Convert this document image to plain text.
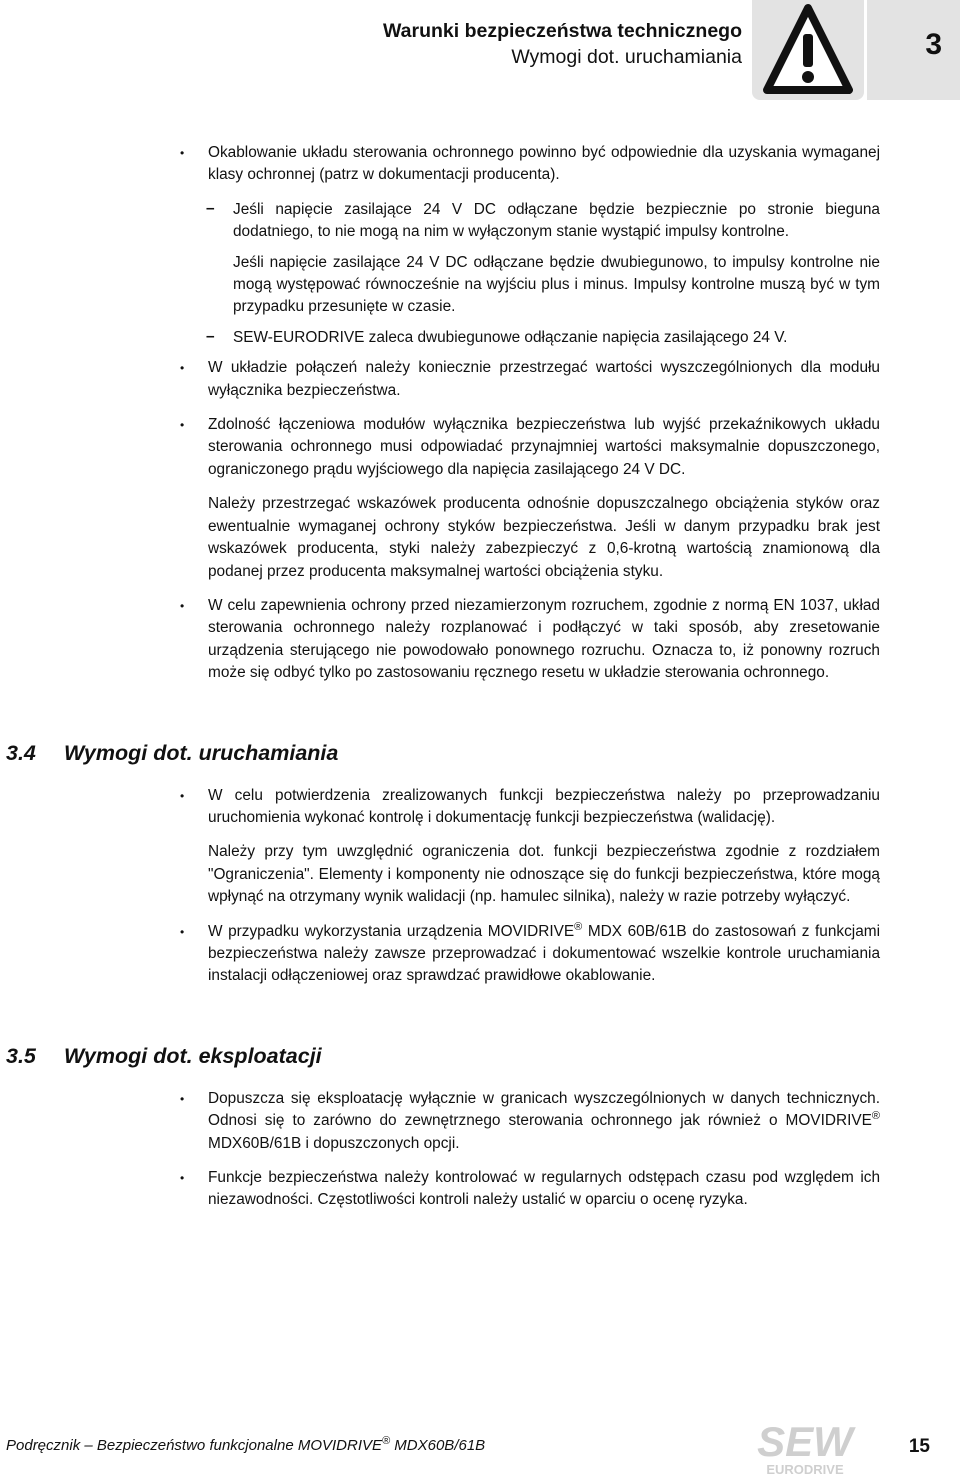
Warunki bezpieczeństwa technicznego
Wymogi dot. uruchamiania	3
• Okablowanie układu sterowania ochronnego powinno być odpowiednie dla uzyskania wymaganej klasy ochronnej (patrz w dokumentacji producenta).
– Jeśli napięcie zasilające 24 V DC odłączane będzie bezpiecznie po stronie bieguna dodatniego, to nie mogą na nim w wyłączonym stanie wystąpić impulsy kontrolne.
Jeśli napięcie zasilające 24 V DC odłączane będzie dwubiegunowo, to impulsy kontrolne nie mogą występować równocześnie na wyjściu plus i minus. Impulsy kontrolne muszą być w tym przypadku przesunięte w czasie.
– SEW-EURODRIVE zaleca dwubiegunowe odłączanie napięcia zasilającego 24 V.
• W układzie połączeń należy koniecznie przestrzegać wartości wyszczególnionych dla modułu wyłącznika bezpieczeństwa.
• Zdolność łączeniowa modułów wyłącznika bezpieczeństwa lub wyjść przekaźnikowych układu sterowania ochronnego musi odpowiadać przynajmniej wartości maksymalnie dopuszczonego, ograniczonego prądu wyjściowego dla napięcia zasilającego 24 V DC.
Należy przestrzegać wskazówek producenta odnośnie dopuszczalnego obciążenia styków oraz ewentualnie wymaganej ochrony styków bezpieczeństwa. Jeśli w danym przypadku brak jest wskazówek producenta, styki należy zabezpieczyć z 0,6-krotną wartością znamionową dla podanej przez producenta maksymalnej wartości obciążenia styku.
• W celu zapewnienia ochrony przed niezamierzonym rozruchem, zgodnie z normą EN 1037, układ sterowania ochronnego należy rozplanować i podłączyć w taki sposób, aby zresetowanie urządzenia sterującego nie powodowało ponownego rozruchu. Oznacza to, iż ponowny rozruch może się odbyć tylko po zastosowaniu ręcznego resetu w układzie sterowania ochronnego.
3.4 Wymogi dot. uruchamiania
• W celu potwierdzenia zrealizowanych funkcji bezpieczeństwa należy po przeprowadzaniu uruchomienia wykonać kontrolę i dokumentację funkcji bezpieczeństwa (walidację).
Należy przy tym uwzględnić ograniczenia dot. funkcji bezpieczeństwa zgodnie z rozdziałem "Ograniczenia". Elementy i komponenty nie odnoszące się do funkcji bezpieczeństwa, które mogą wpłynąć na otrzymany wynik walidacji (np. hamulec silnika), należy w razie potrzeby wyłączyć.
• W przypadku wykorzystania urządzenia MOVIDRIVE® MDX 60B/61B do zastosowań z funkcjami bezpieczeństwa należy zawsze przeprowadzać i dokumentować wszelkie kontrole uruchamiania instalacji odłączeniowej oraz sprawdzać prawidłowe okablowanie.
3.5 Wymogi dot. eksploatacji
• Dopuszcza się eksploatację wyłącznie w granicach wyszczególnionych w danych technicznych. Odnosi się to zarówno do zewnętrznego sterowania ochronnego jak również o MOVIDRIVE® MDX60B/61B i dopuszczonych opcji.
• Funkcje bezpieczeństwa należy kontrolować w regularnych odstępach czasu pod względem ich niezawodności. Częstotliwości kontroli należy ustalić w oparciu o ocenę ryzyka.
Podręcznik – Bezpieczeństwo funkcjonalne MOVIDRIVE® MDX60B/61B	SEW
EURODRIVE
15
